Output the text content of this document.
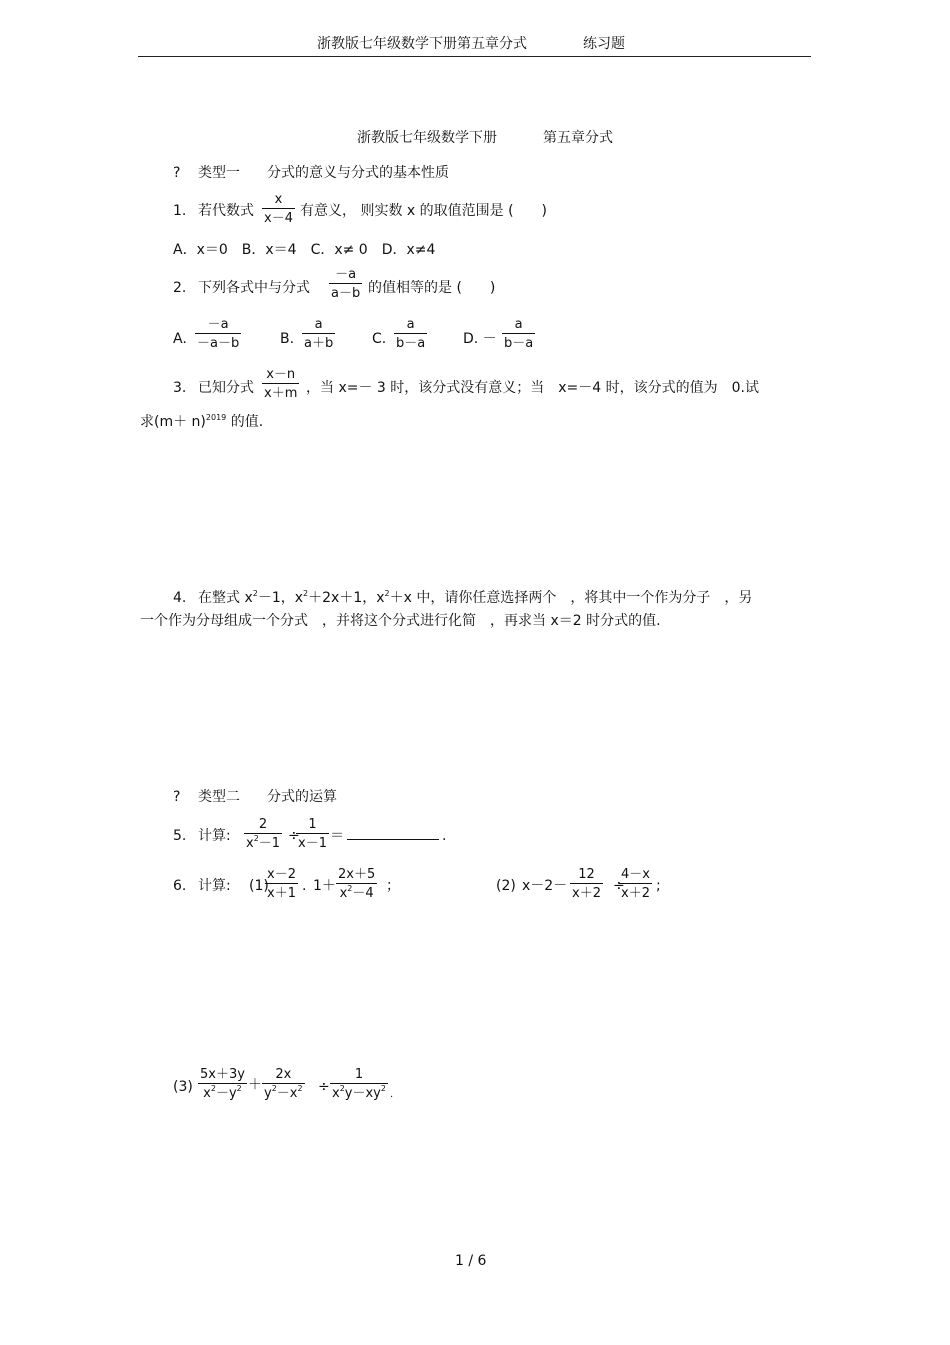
浙教版七年级数学下册第五章分式	练习题
浙教版七年级数学下册	第五章分式
? 类型一 分式的意义与分式的基本性质
1. 若代数式 $\frac{x}{x-4}$ 有意义， 则实数 x 的取值范围是 (　　)
A．x＝0　B．x＝4　C．x≠ 0　D．x≠4
2. 下列各式中与分式 $\frac{-a}{a-b}$ 的值相等的是 (　　)
A. $\frac{-a}{-a-b}$	B. $\frac{a}{a+b}$	C. $\frac{a}{b-a}$	D. － $\frac{a}{b-a}$
3. 已知分式 $\frac{x-n}{x+m}$ ，当 x=－ 3 时，该分式没有意义；当　x=－4 时，该分式的值为　0.试
求$(m+ n)^{2019}$ 的值.
4. 在整式 $x^2-1$，$x^2+2x+1$，$x^2+x$ 中，请你任意选择两个　，将其中一个作为分子　，另
一个作为分母组成一个分式　，并将这个分式进行化简　，再求当 x＝2 时分式的值.
? 类型二 分式的运算
5. 计算: $\frac{2}{x^2-1}$ ÷
$\frac{1}{x-1}$ ＝	.
6. 计算: (1)
$\frac{x-2}{x+1}$ . $1+ \frac{2x+5}{x^2-4}$ ；	(2) $x-2- \frac{12}{x+2}$ ÷
$\frac{4-x}{x+2}$ ;
$(3) \frac{5x+3y}{x^2-y^2} + \frac{2x}{y^2-x^2} \div \frac{1}{x^2y-xy^2}$ .
1 / 6
